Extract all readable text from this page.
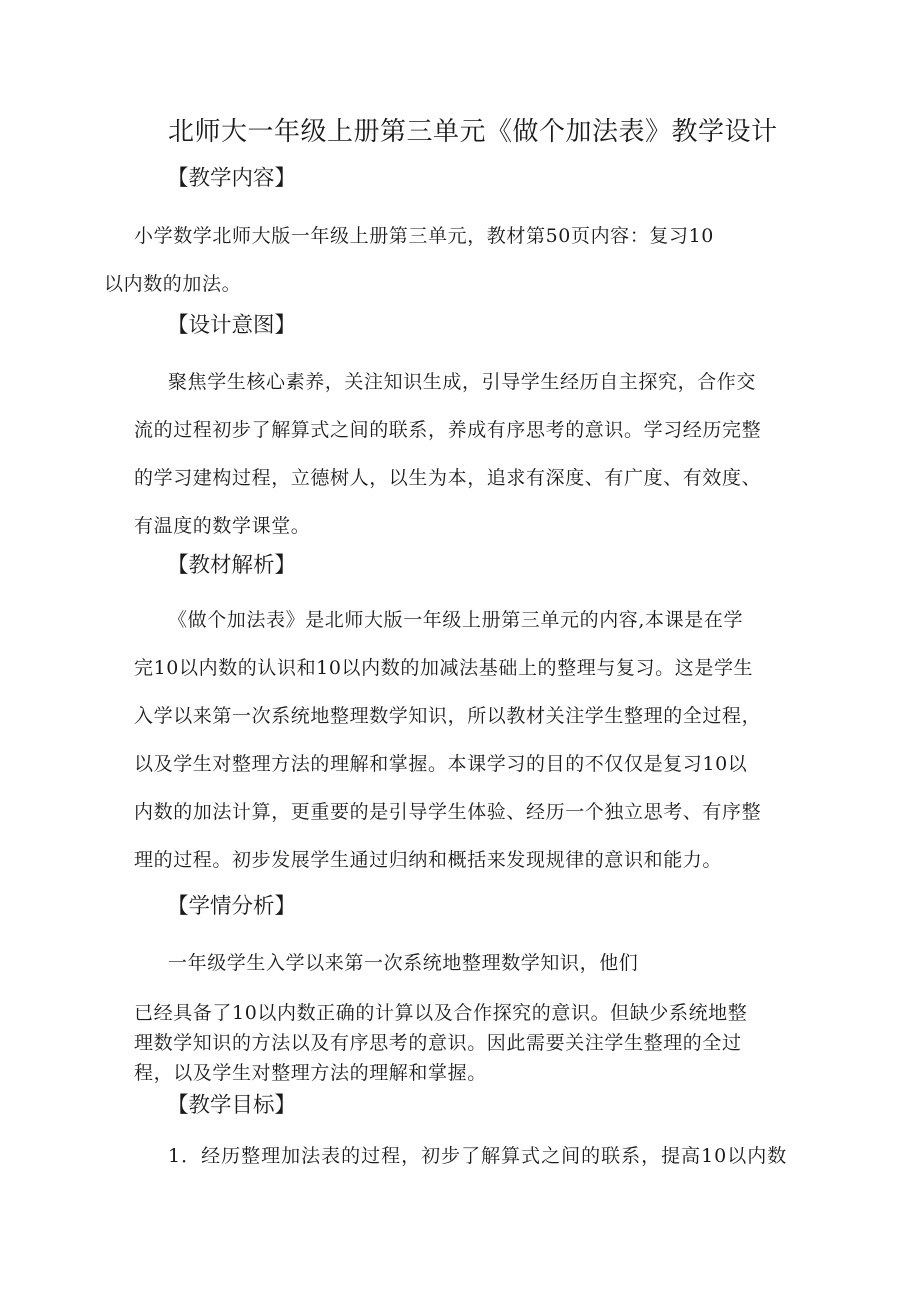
北师大一年级上册第三单元《做个加法表》教学设计
【教学内容】
小学数学北师大版一年级上册第三单元，教材第50页内容：复习10
以内数的加法。
【设计意图】
聚焦学生核心素养，关注知识生成，引导学生经历自主探究，合作交
流的过程初步了解算式之间的联系，养成有序思考的意识。学习经历完整
的学习建构过程，立德树人，以生为本，追求有深度、有广度、有效度、
有温度的数学课堂。
【教材解析】
《做个加法表》是北师大版一年级上册第三单元的内容,本课是在学
完10以内数的认识和10以内数的加减法基础上的整理与复习。这是学生
入学以来第一次系统地整理数学知识，所以教材关注学生整理的全过程，
以及学生对整理方法的理解和掌握。本课学习的目的不仅仅是复习10以
内数的加法计算，更重要的是引导学生体验、经历一个独立思考、有序整
理的过程。初步发展学生通过归纳和概括来发现规律的意识和能力。
【学情分析】
一年级学生入学以来第一次系统地整理数学知识，他们
已经具备了10以内数正确的计算以及合作探究的意识。但缺少系统地整
理数学知识的方法以及有序思考的意识。因此需要关注学生整理的全过
程，以及学生对整理方法的理解和掌握。
【教学目标】
1．经历整理加法表的过程，初步了解算式之间的联系，提高10以内数
